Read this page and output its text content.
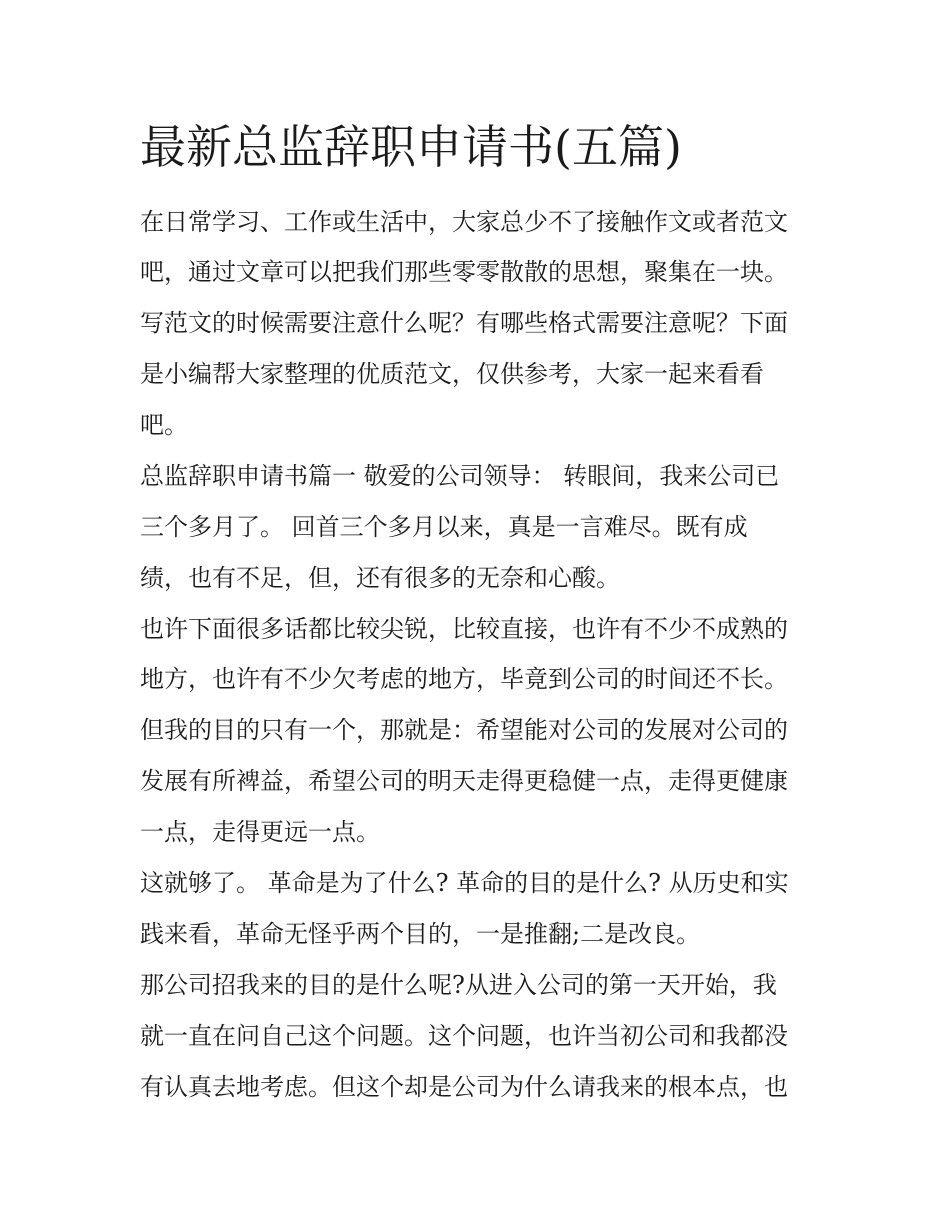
最新总监辞职申请书(五篇)

在日常学习、工作或生活中，大家总少不了接触作文或者范文

吧，通过文章可以把我们那些零零散散的思想，聚集在一块。

写范文的时候需要注意什么呢？有哪些格式需要注意呢？下面

是小编帮大家整理的优质范文，仅供参考，大家一起来看看

吧。

总监辞职申请书篇一 敬爱的公司领导： 转眼间，我来公司已

三个多月了。 回首三个多月以来，真是一言难尽。既有成

绩，也有不足，但，还有很多的无奈和心酸。

也许下面很多话都比较尖锐，比较直接，也许有不少不成熟的

地方，也许有不少欠考虑的地方，毕竟到公司的时间还不长。

但我的目的只有一个，那就是：希望能对公司的发展对公司的

发展有所裨益，希望公司的明天走得更稳健一点，走得更健康

一点，走得更远一点。

这就够了。 革命是为了什么? 革命的目的是什么? 从历史和实

践来看，革命无怪乎两个目的，一是推翻;二是改良。

那公司招我来的目的是什么呢?从进入公司的第一天开始，我

就一直在问自己这个问题。这个问题，也许当初公司和我都没

有认真去地考虑。但这个却是公司为什么请我来的根本点，也
